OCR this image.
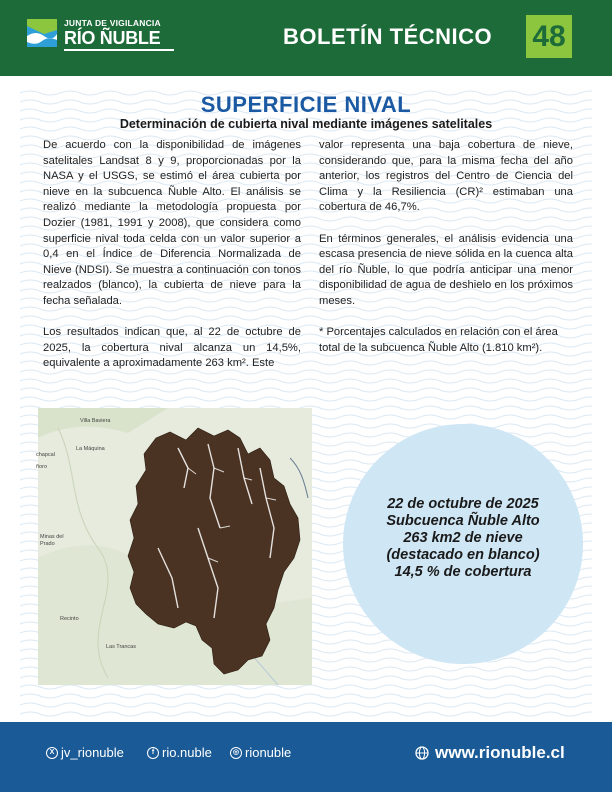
JUNTA DE VIGILANCIA
RÍO ÑUBLE	BOLETÍN TÉCNICO 48
SUPERFICIE NIVAL
Determinación de cubierta nival mediante imágenes satelitales

De acuerdo con la disponibilidad de imágenes satelitales Landsat 8 y 9, proporcionadas por la NASA y el USGS, se estimó el área cubierta por nieve en la subcuenca Ñuble Alto. El análisis se realizó mediante la metodología propuesta por Dozier (1981, 1991 y 2008), que considera como superficie nival toda celda con un valor superior a 0,4 en el Índice de Diferencia Normalizada de Nieve (NDSI). Se muestra a continuación con tonos realzados (blanco), la cubierta de nieve para la fecha señalada.

Los resultados indican que, al 22 de octubre de 2025, la cobertura nival alcanza un 14,5%, equivalente a aproximadamente 263 km². Este

valor representa una baja cobertura de nieve, considerando que, para la misma fecha del año anterior, los registros del Centro de Ciencia del Clima y la Resiliencia (CR)² estimaban una cobertura de 46,7%.

En términos generales, el análisis evidencia una escasa presencia de nieve sólida en la cuenca alta del río Ñuble, lo que podría anticipar una menor disponibilidad de agua de deshielo en los próximos meses.

* Porcentajes calculados en relación con el área total de la subcuenca Ñuble Alto (1.810 km²).

Villa Baviera
La Máquina
chapcal
ñoro
Minas del Prado
Recinto
Las Trancas
22 de octubre de 2025
Subcuenca Ñuble Alto
263 km2 de nieve
(destacado en blanco)
14,5 % de cobertura
X jv_rionuble	f rio.nuble	◎ rionuble	www.rionuble.cl
